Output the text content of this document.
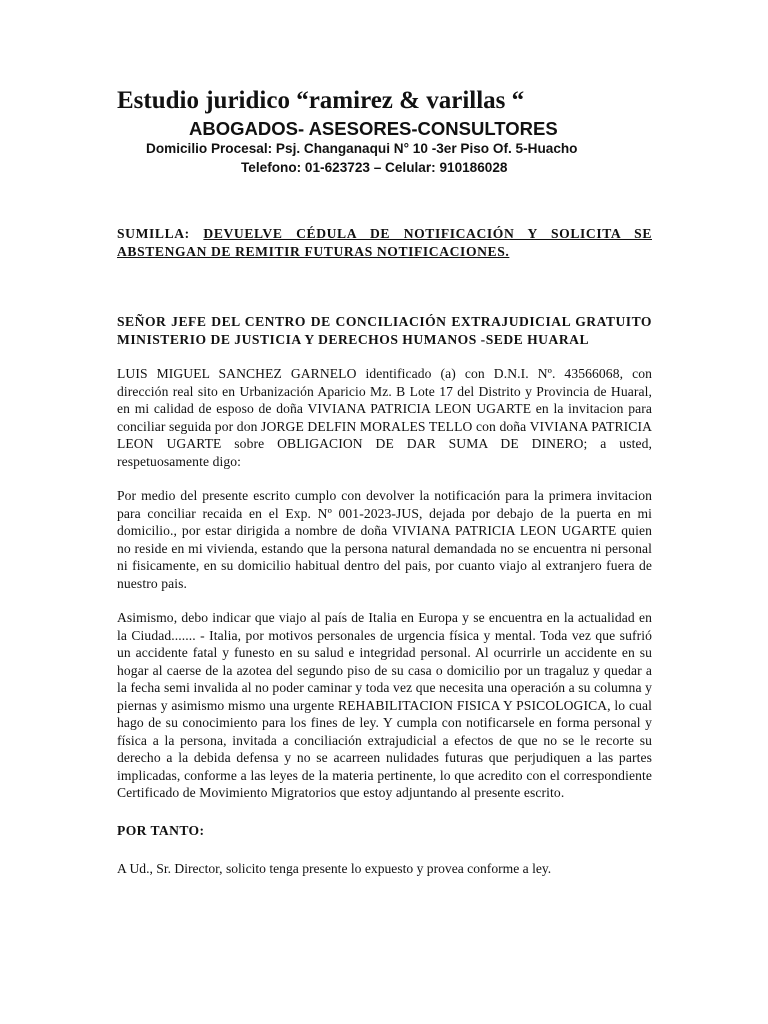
Estudio juridico “ramirez & varillas “
ABOGADOS- ASESORES-CONSULTORES
Domicilio Procesal: Psj. Changanaqui N° 10 -3er Piso Of. 5-Huacho
Telefono: 01-623723 – Celular: 910186028
SUMILLA: DEVUELVE CÉDULA DE NOTIFICACIÓN Y SOLICITA SE ABSTENGAN DE REMITIR FUTURAS NOTIFICACIONES.
SEÑOR JEFE DEL CENTRO DE CONCILIACIÓN EXTRAJUDICIAL GRATUITO MINISTERIO DE JUSTICIA Y DERECHOS HUMANOS -SEDE HUARAL
LUIS MIGUEL SANCHEZ GARNELO identificado (a) con D.N.I. Nº. 43566068, con dirección real sito en Urbanización Aparicio Mz. B Lote 17 del Distrito y Provincia de Huaral, en mi calidad de esposo de doña VIVIANA PATRICIA LEON UGARTE en la invitacion para conciliar seguida por don JORGE DELFIN MORALES TELLO con doña VIVIANA PATRICIA LEON UGARTE sobre OBLIGACION DE DAR SUMA DE DINERO; a usted, respetuosamente digo:
Por medio del presente escrito cumplo con devolver la notificación para la primera invitacion para conciliar recaida en el Exp. Nº 001-2023-JUS, dejada por debajo de la puerta en mi domicilio., por estar dirigida a nombre de doña VIVIANA PATRICIA LEON UGARTE quien no reside en mi vivienda, estando que la persona natural demandada no se encuentra ni personal ni fisicamente, en su domicilio habitual dentro del pais, por cuanto viajo al extranjero fuera de nuestro pais.
Asimismo, debo indicar que viajo al país de Italia en Europa y se encuentra en la actualidad en la Ciudad....... - Italia, por motivos personales de urgencia física y mental. Toda vez que sufrió un accidente fatal y funesto en su salud e integridad personal. Al ocurrirle un accidente en su hogar al caerse de la azotea del segundo piso de su casa o domicilio por un tragaluz y quedar a la fecha semi invalida al no poder caminar y toda vez que necesita una operación a su columna y piernas y asimismo mismo una urgente REHABILITACION FISICA Y PSICOLOGICA, lo cual hago de su conocimiento para los fines de ley. Y cumpla con notificarsele en forma personal y física a la persona, invitada a conciliación extrajudicial a efectos de que no se le recorte su derecho a la debida defensa y no se acarreen nulidades futuras que perjudiquen a las partes implicadas, conforme a las leyes de la materia pertinente, lo que acredito con el correspondiente Certificado de Movimiento Migratorios que estoy adjuntando al presente escrito.
POR TANTO:
A Ud., Sr. Director, solicito tenga presente lo expuesto y provea conforme a ley.
